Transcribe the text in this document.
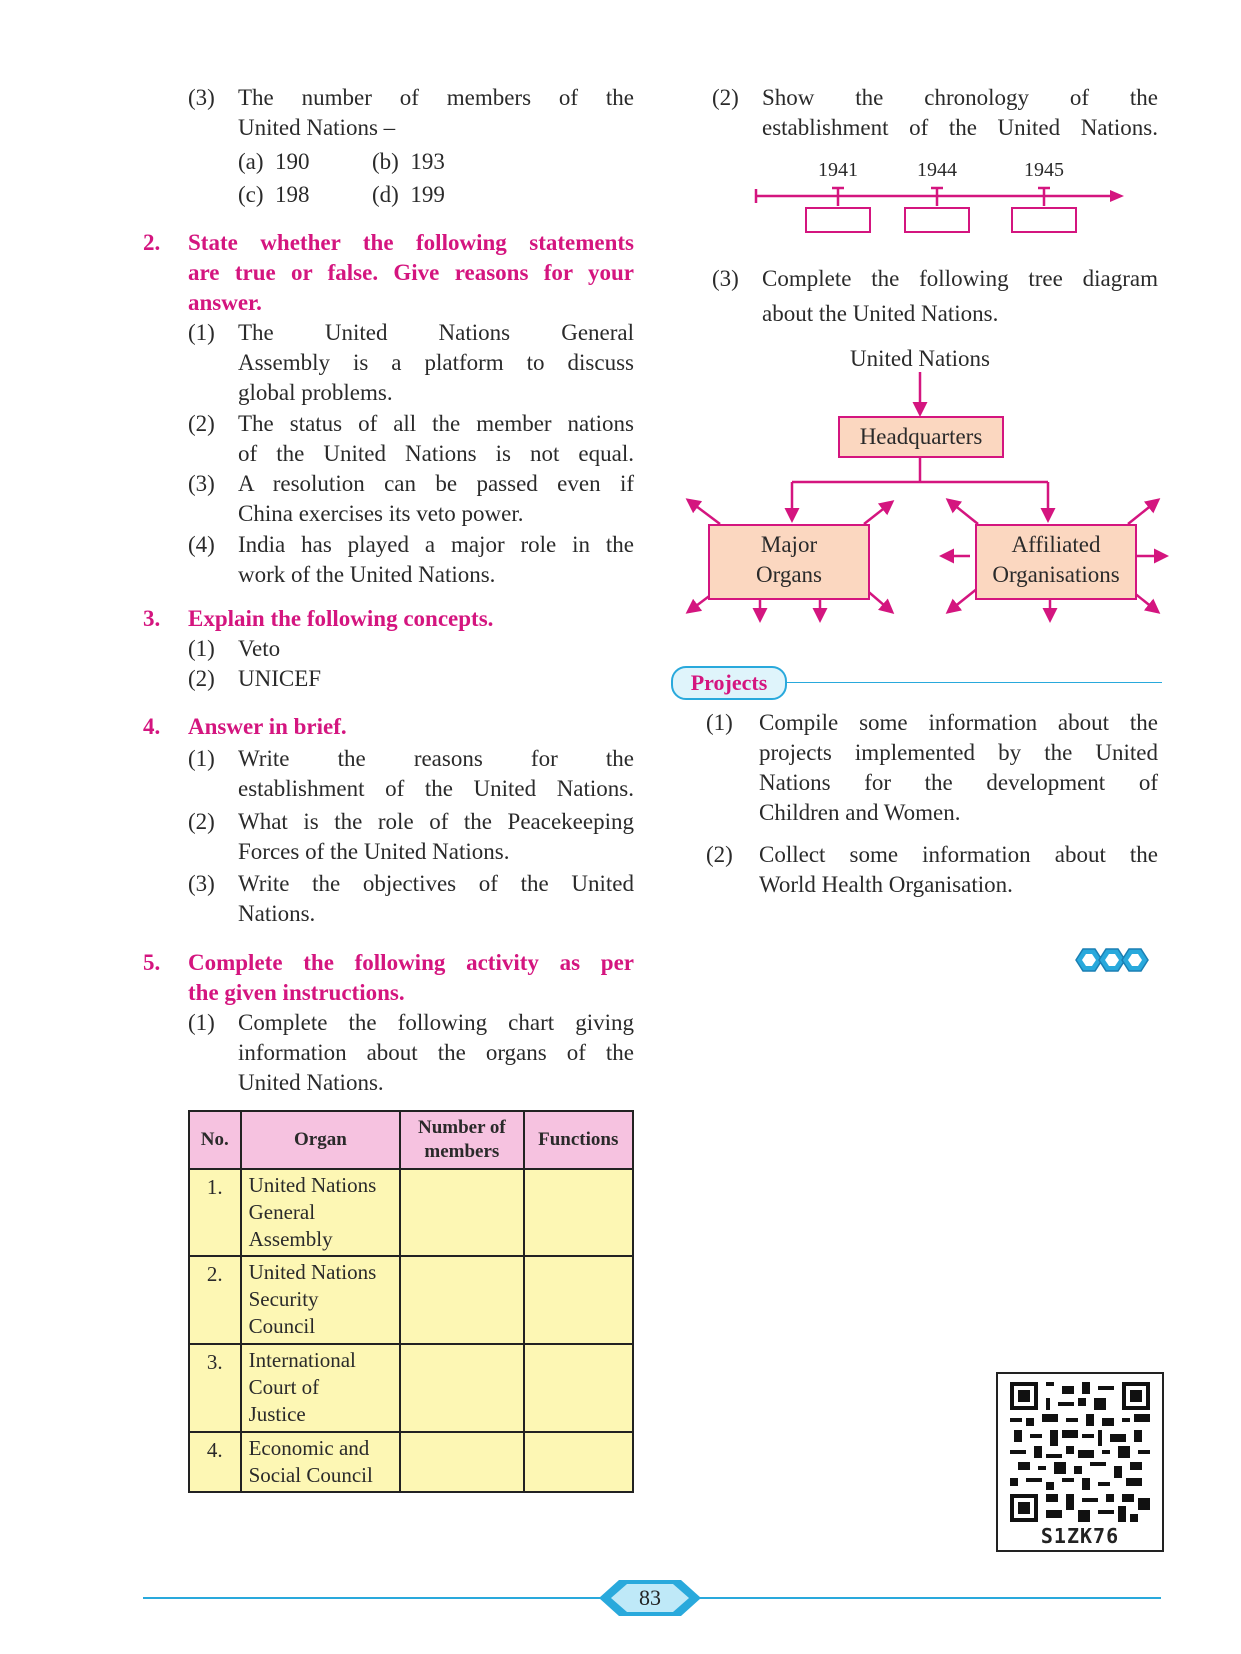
(3) The number of members of the
United Nations –
(a) 190	(b) 193
(c) 198	(d) 199
2. State whether the following statements
are true or false. Give reasons for your
answer.
(1) The United Nations General
Assembly is a platform to discuss
global problems.
(2) The status of all the member nations
of the United Nations is not equal.
(3) A resolution can be passed even if
China exercises its veto power.
(4) India has played a major role in the
work of the United Nations.
3. Explain the following concepts.
(1) Veto
(2) UNICEF
4. Answer in brief.
(1) Write the reasons for the
establishment of the United Nations.
(2) What is the role of the Peacekeeping
Forces of the United Nations.
(3) Write the objectives of the United
Nations.
5. Complete the following activity as per
the given instructions.
(1) Complete the following chart giving
information about the organs of the
United Nations.
No.	Organ	Number of members	Functions
1.	United Nations
General
Assembly		

2.	United Nations
Security
Council		

3.	International
Court of
Justice		

4.	Economic and
Social Council		

(2) Show the chronology of the
establishment of the United Nations.
1941	1944	1945
(3) Complete the following tree diagram
about the United Nations.
United Nations
Headquarters
Major
Organs
Affiliated
Organisations
Projects
(1) Compile some information about the
projects implemented by the United
Nations for the development of
Children and Women.
(2) Collect some information about the
World Health Organisation.
S1ZK76
83
